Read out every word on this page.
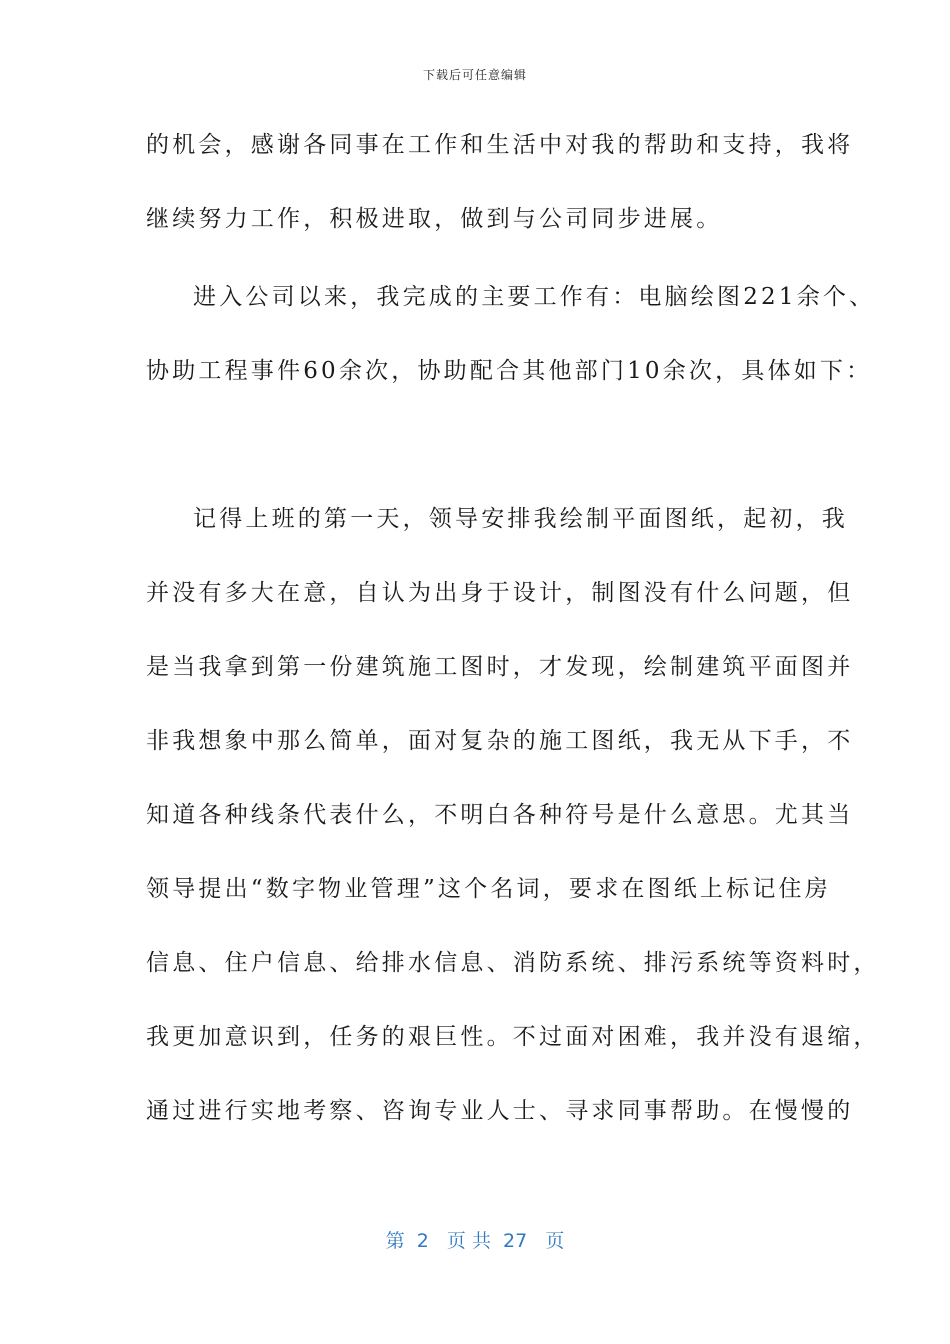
下载后可任意编辑
的机会，感谢各同事在工作和生活中对我的帮助和支持，我将
继续努力工作，积极进取，做到与公司同步进展。
进入公司以来，我完成的主要工作有：电脑绘图221余个、
协助工程事件60余次，协助配合其他部门10余次，具体如下：
记得上班的第一天，领导安排我绘制平面图纸，起初，我
并没有多大在意，自认为出身于设计，制图没有什么问题，但
是当我拿到第一份建筑施工图时，才发现，绘制建筑平面图并
非我想象中那么简单，面对复杂的施工图纸，我无从下手，不
知道各种线条代表什么，不明白各种符号是什么意思。尤其当
领导提出“数字物业管理”这个名词，要求在图纸上标记住房
信息、住户信息、给排水信息、消防系统、排污系统等资料时，
我更加意识到，任务的艰巨性。不过面对困难，我并没有退缩，
通过进行实地考察、咨询专业人士、寻求同事帮助。在慢慢的
第  2   页 共  27   页
